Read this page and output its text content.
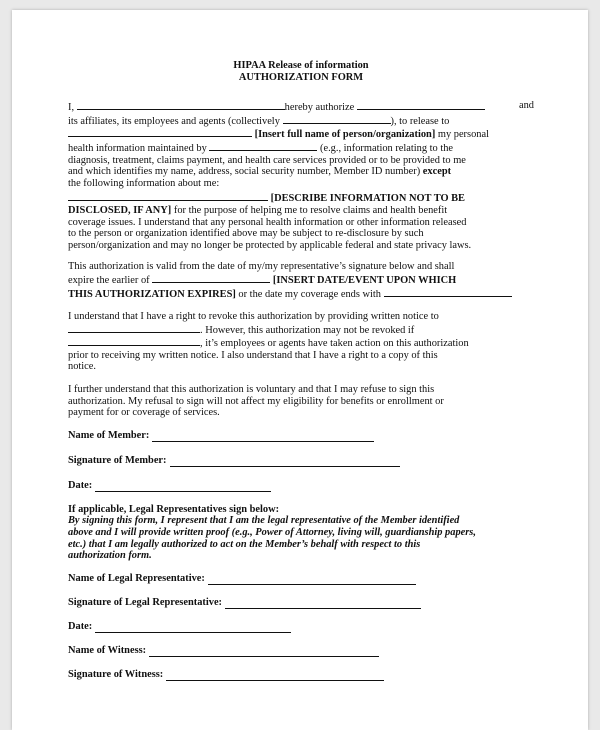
HIPAA Release of information
AUTHORIZATION FORM
I,	hereby authorize	and
its affiliates, its employees and agents (collectively	), to release to
[Insert full name of person/organization] my personal
health information maintained by	(e.g., information relating to the
diagnosis, treatment, claims payment, and health care services provided or to be provided to me
and which identifies my name, address, social security number, Member ID number) except
the following information about me:
[DESCRIBE INFORMATION NOT TO BE
DISCLOSED, IF ANY] for the purpose of helping me to resolve claims and health benefit
coverage issues. I understand that any personal health information or other information released
to the person or organization identified above may be subject to re-disclosure by such
person/organization and may no longer be protected by applicable federal and state privacy laws.
This authorization is valid from the date of my/my representative’s signature below and shall
expire the earlier of	[INSERT DATE/EVENT UPON WHICH
THIS AUTHORIZATION EXPIRES] or the date my coverage ends with
I understand that I have a right to revoke this authorization by providing written notice to
. However, this authorization may not be revoked if
, it’s employees or agents have taken action on this authorization
prior to receiving my written notice. I also understand that I have a right to a copy of this
notice.
I further understand that this authorization is voluntary and that I may refuse to sign this
authorization. My refusal to sign will not affect my eligibility for benefits or enrollment or
payment for or coverage of services.
Name of Member:
Signature of Member:
Date:
If applicable, Legal Representatives sign below:
By signing this form, I represent that I am the legal representative of the Member identified
above and I will provide written proof (e.g., Power of Attorney, living will, guardianship papers,
etc.) that I am legally authorized to act on the Member’s behalf with respect to this
authorization form.
Name of Legal Representative:
Signature of Legal Representative:
Date:
Name of Witness:
Signature of Witness:
